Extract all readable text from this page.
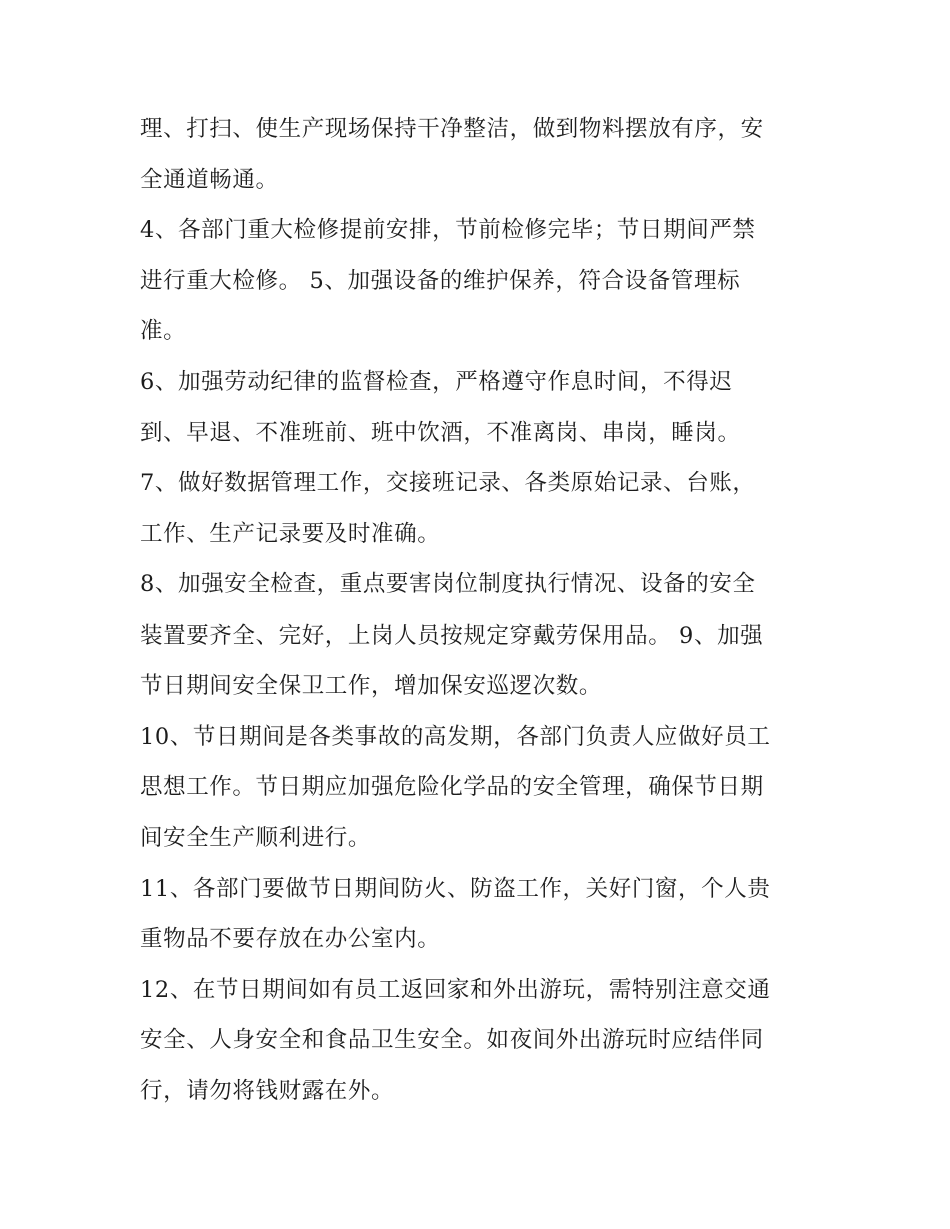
理、打扫、使生产现场保持干净整洁，做到物料摆放有序，安
全通道畅通。
4、各部门重大检修提前安排，节前检修完毕；节日期间严禁
进行重大检修。 5、加强设备的维护保养，符合设备管理标
准。
6、加强劳动纪律的监督检查，严格遵守作息时间，不得迟
到、早退、不准班前、班中饮酒，不准离岗、串岗，睡岗。
7、做好数据管理工作，交接班记录、各类原始记录、台账，
工作、生产记录要及时准确。
8、加强安全检查，重点要害岗位制度执行情况、设备的安全
装置要齐全、完好，上岗人员按规定穿戴劳保用品。 9、加强
节日期间安全保卫工作，增加保安巡逻次数。
10、节日期间是各类事故的高发期，各部门负责人应做好员工
思想工作。节日期应加强危险化学品的安全管理，确保节日期
间安全生产顺利进行。
11、各部门要做节日期间防火、防盗工作，关好门窗，个人贵
重物品不要存放在办公室内。
12、在节日期间如有员工返回家和外出游玩，需特别注意交通
安全、人身安全和食品卫生安全。如夜间外出游玩时应结伴同
行，请勿将钱财露在外。
